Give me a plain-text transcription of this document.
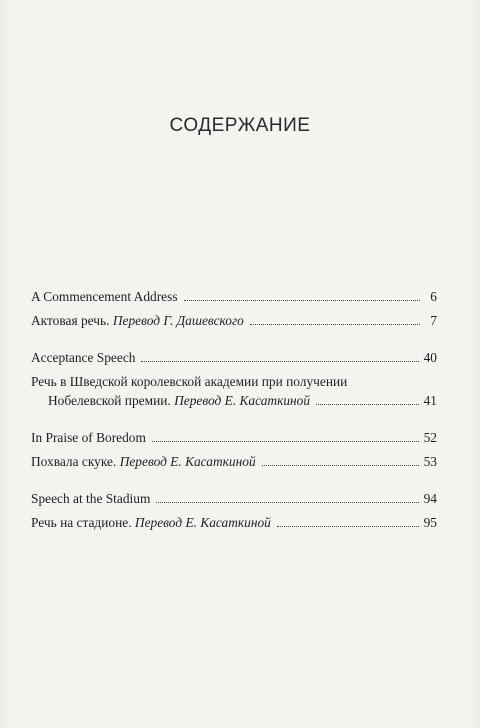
СОДЕРЖАНИЕ
A Commencement Address	6
Актовая речь. Перевод Г. Дашевского	7
Acceptance Speech	40
Речь в Шведской королевской академии при получении
Нобелевской премии. Перевод Е. Касаткиной	41
In Praise of Boredom	52
Похвала скуке. Перевод Е. Касаткиной	53
Speech at the Stadium	94
Речь на стадионе. Перевод Е. Касаткиной	95
